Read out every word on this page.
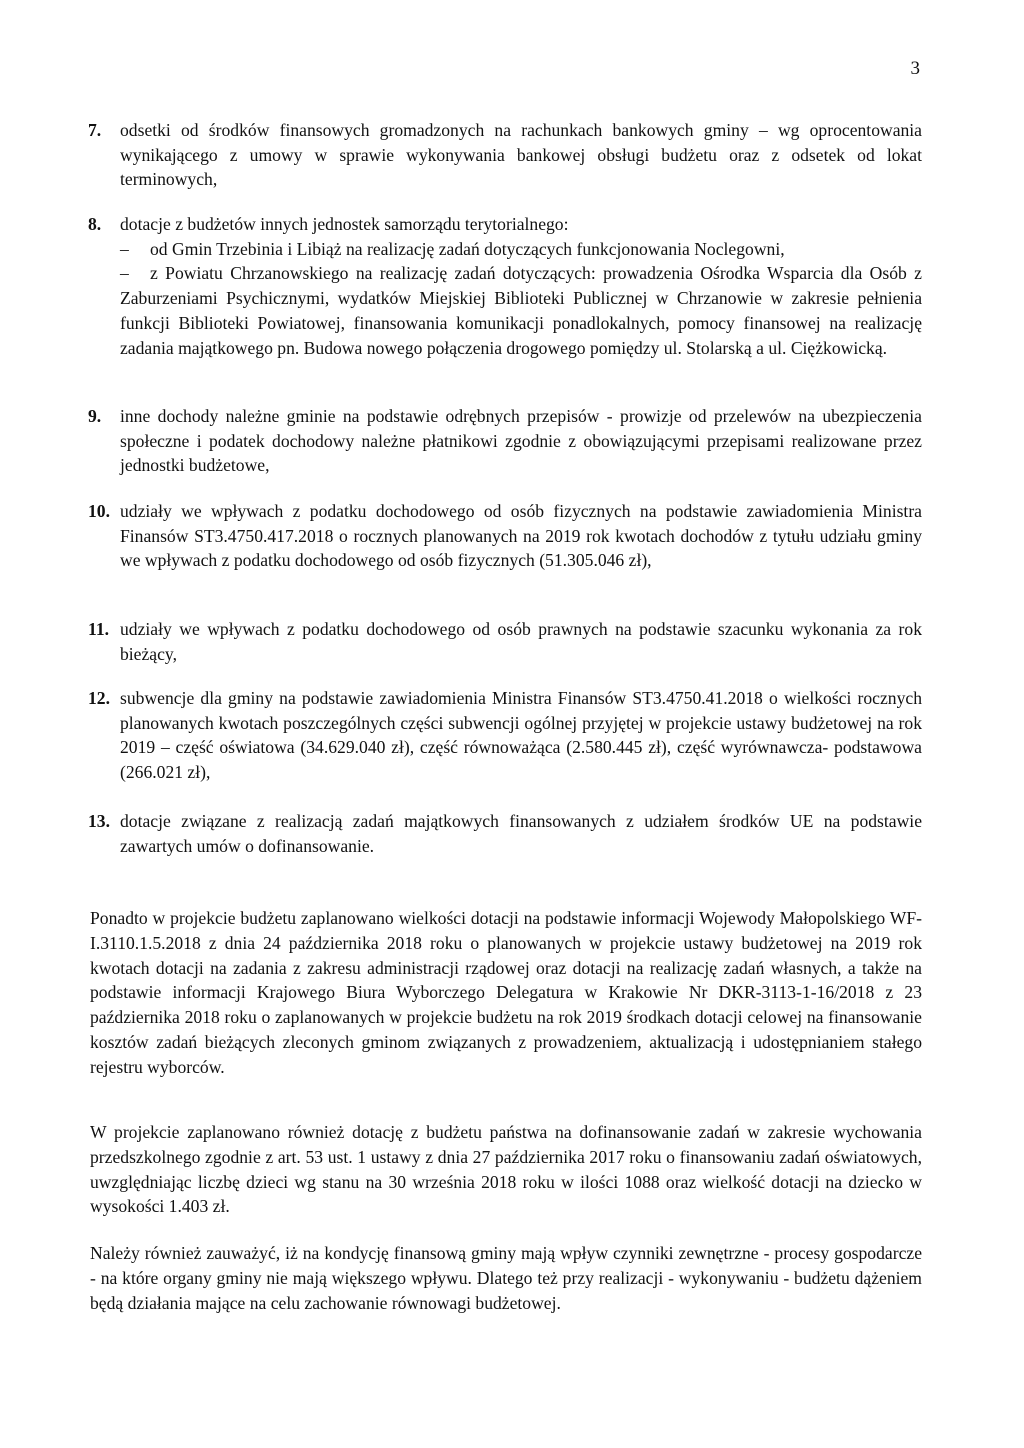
3
7.	odsetki od środków finansowych gromadzonych na rachunkach bankowych gminy – wg oprocentowania wynikającego z umowy w sprawie wykonywania bankowej obsługi budżetu oraz z odsetek od lokat terminowych,
8.	dotacje z budżetów innych jednostek samorządu terytorialnego:
– od Gmin Trzebinia i Libiąż na realizację zadań dotyczących funkcjonowania Noclegowni,
– z Powiatu Chrzanowskiego na realizację zadań dotyczących: prowadzenia Ośrodka Wsparcia dla Osób z Zaburzeniami Psychicznymi, wydatków Miejskiej Biblioteki Publicznej w Chrzanowie w zakresie pełnienia funkcji Biblioteki Powiatowej, finansowania komunikacji ponadlokalnych, pomocy finansowej na realizację zadania majątkowego pn. Budowa nowego połączenia drogowego pomiędzy ul. Stolarską a ul. Ciężkowicką.
9.	inne dochody należne gminie na podstawie odrębnych przepisów - prowizje od przelewów na ubezpieczenia społeczne i podatek dochodowy należne płatnikowi zgodnie z obowiązującymi przepisami realizowane przez jednostki budżetowe,
10. udziały we wpływach z podatku dochodowego od osób fizycznych na podstawie zawiadomienia Ministra Finansów ST3.4750.417.2018 o rocznych planowanych na 2019 rok kwotach dochodów z tytułu udziału gminy we wpływach z podatku dochodowego od osób fizycznych (51.305.046 zł),
11. udziały we wpływach z podatku dochodowego od osób prawnych na podstawie szacunku wykonania za rok bieżący,
12. subwencje dla gminy na podstawie zawiadomienia Ministra Finansów ST3.4750.41.2018 o wielkości rocznych planowanych kwotach poszczególnych części subwencji ogólnej przyjętej w projekcie ustawy budżetowej na rok 2019 – część oświatowa (34.629.040 zł), część równoważąca (2.580.445 zł), część wyrównawcza- podstawowa (266.021 zł),
13. dotacje związane z realizacją zadań majątkowych finansowanych z udziałem środków UE na podstawie zawartych umów o dofinansowanie.
Ponadto w projekcie budżetu zaplanowano wielkości dotacji na podstawie informacji Wojewody Małopolskiego WF-I.3110.1.5.2018 z dnia 24 października 2018 roku o planowanych w projekcie ustawy budżetowej na 2019 rok kwotach dotacji na zadania z zakresu administracji rządowej oraz dotacji na realizację zadań własnych, a także na podstawie informacji Krajowego Biura Wyborczego Delegatura w Krakowie Nr DKR-3113-1-16/2018 z 23 października 2018 roku o zaplanowanych w projekcie budżetu na rok 2019 środkach dotacji celowej na finansowanie kosztów zadań bieżących zleconych gminom związanych z prowadzeniem, aktualizacją i udostępnianiem stałego rejestru wyborców.
W projekcie zaplanowano również dotację z budżetu państwa na dofinansowanie zadań w zakresie wychowania przedszkolnego zgodnie z art. 53 ust. 1 ustawy z dnia 27 października 2017 roku o finansowaniu zadań oświatowych, uwzględniając liczbę dzieci wg stanu na 30 września 2018 roku w ilości 1088 oraz wielkość dotacji na dziecko w wysokości 1.403 zł.
Należy również zauważyć, iż na kondycję finansową gminy mają wpływ czynniki zewnętrzne - procesy gospodarcze - na które organy gminy nie mają większego wpływu. Dlatego też przy realizacji - wykonywaniu - budżetu dążeniem będą działania mające na celu zachowanie równowagi budżetowej.
